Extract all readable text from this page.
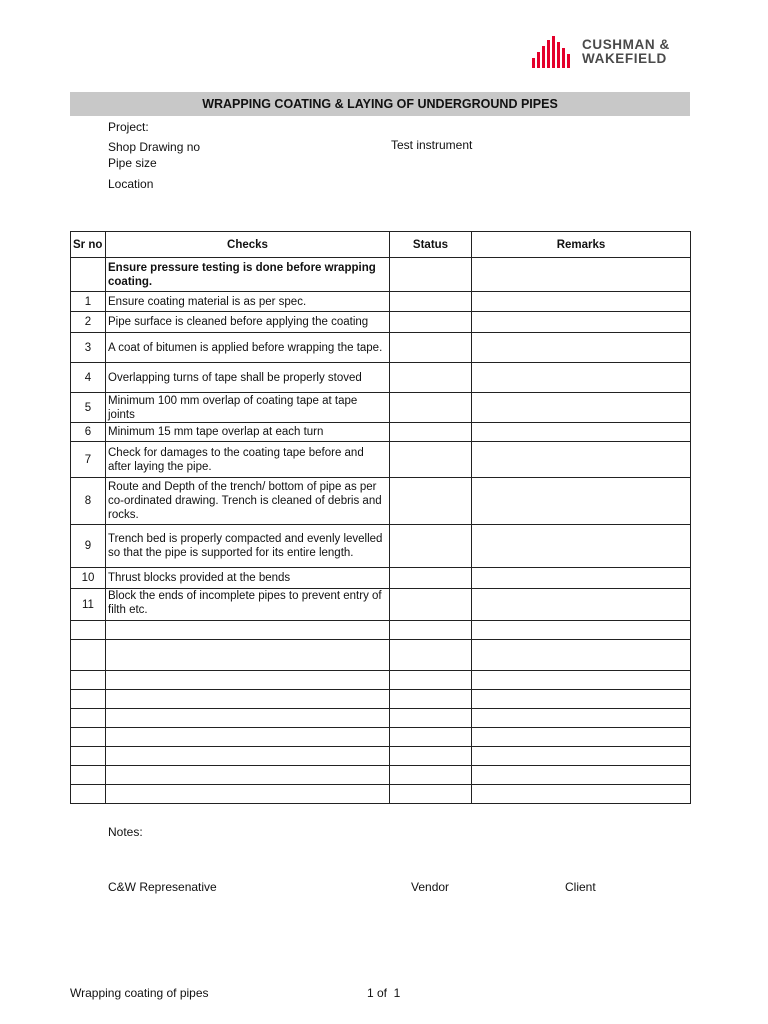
CUSHMAN &
WAKEFIELD
WRAPPING COATING & LAYING OF UNDERGROUND PIPES
Project:
Shop Drawing no	Test instrument
Pipe size
Location
Sr no	Checks	Status	Remarks
	Ensure pressure testing is done before wrapping coating.		
1	Ensure coating material is as per spec.		
2	Pipe surface is cleaned before applying the coating		
3	A coat of bitumen is applied before wrapping the tape.		
4	Overlapping turns of tape shall be properly stoved		
5	Minimum 100 mm overlap of coating tape at tape joints		
6	Minimum 15 mm tape overlap at each turn		
7	Check for damages to the coating tape before and after laying the pipe.		
8	Route and Depth of the trench/ bottom of pipe as per co-ordinated drawing. Trench is cleaned of debris and rocks.		
9	Trench bed is properly compacted and evenly levelled so that the pipe is supported for its entire length.		
10	Thrust blocks provided at the bends		
11	Block the ends of incomplete pipes to prevent entry of filth etc.		

Notes:
C&W Represenative	Vendor	Client
Wrapping coating of pipes	1 of  1
